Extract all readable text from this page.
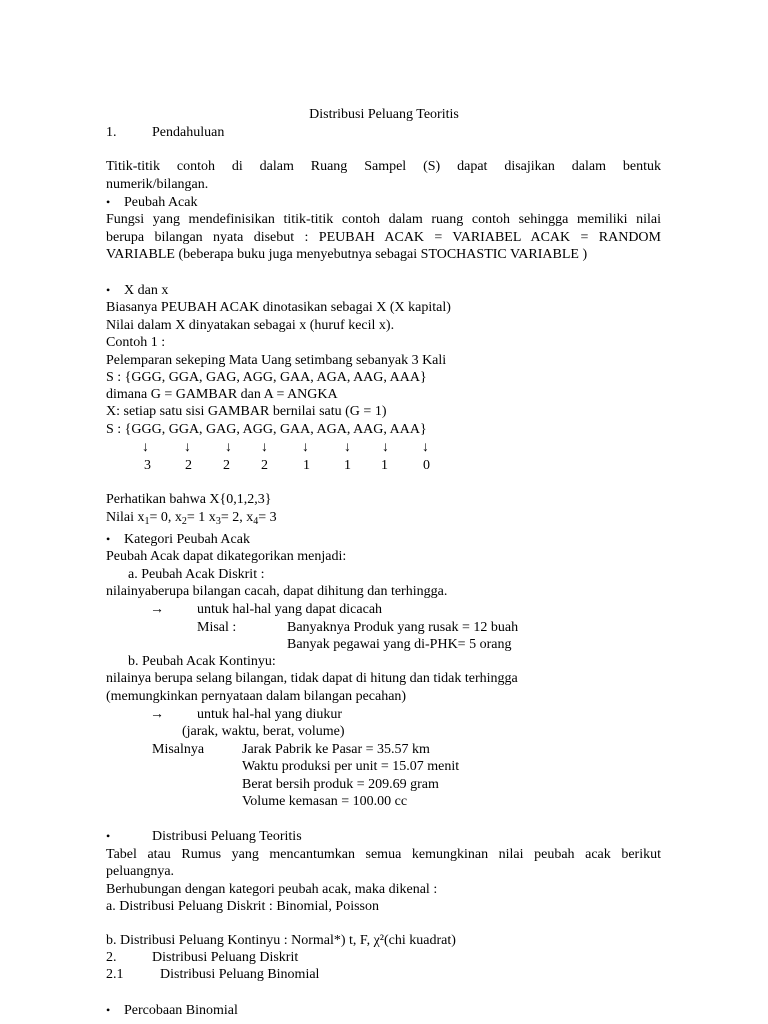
Distribusi Peluang Teoritis
1.	Pendahuluan
Titik-titik contoh di dalam Ruang Sampel (S) dapat disajikan dalam bentuk
numerik/bilangan.
• Peubah Acak
Fungsi yang mendefinisikan titik-titik contoh dalam ruang contoh sehingga memiliki nilai
berupa bilangan nyata disebut : PEUBAH ACAK = VARIABEL ACAK = RANDOM
VARIABLE (beberapa buku juga menyebutnya sebagai STOCHASTIC VARIABLE )
• X dan x
Biasanya PEUBAH ACAK dinotasikan sebagai X (X kapital)
Nilai dalam X dinyatakan sebagai x (huruf kecil x).
Contoh 1 :
Pelemparan sekeping Mata Uang setimbang sebanyak 3 Kali
S : {GGG, GGA, GAG, AGG, GAA, AGA, AAG, AAA}
dimana G = GAMBAR dan A = ANGKA
X: setiap satu sisi GAMBAR bernilai satu (G = 1)
S : {GGG, GGA, GAG, AGG, GAA, AGA, AAG, AAA}
↓	↓ ↓ ↓ ↓	↓ ↓ ↓
3 2 2 2	1 1 1	0
Perhatikan bahwa X{0,1,2,3}
Nilai $x_1= 0$, $x_2= 1$ $x_3= 2$, $x_4= 3$
• Kategori Peubah Acak
Peubah Acak dapat dikategorikan menjadi:
a. Peubah Acak Diskrit :
nilainyaberupa bilangan cacah, dapat dihitung dan terhingga.
→ untuk hal-hal yang dapat dicacah
Misal :	Banyaknya Produk yang rusak = 12 buah
Banyak pegawai yang di-PHK= 5 orang
b. Peubah Acak Kontinyu:
nilainya berupa selang bilangan, tidak dapat di hitung dan tidak terhingga
(memungkinkan pernyataan dalam bilangan pecahan)
→ untuk hal-hal yang diukur
(jarak, waktu, berat, volume)
Misalnya	Jarak Pabrik ke Pasar = 35.57 km
Waktu produksi per unit = 15.07 menit
Berat bersih produk = 209.69 gram
Volume kemasan = 100.00 cc
•	Distribusi Peluang Teoritis
Tabel atau Rumus yang mencantumkan semua kemungkinan nilai peubah acak berikut
peluangnya.
Berhubungan dengan kategori peubah acak, maka dikenal :
a. Distribusi Peluang Diskrit : Binomial, Poisson
b. Distribusi Peluang Kontinyu : Normal*) t, F, χ²(chi kuadrat)
2.	Distribusi Peluang Diskrit
2.1	Distribusi Peluang Binomial
• Percobaan Binomial
